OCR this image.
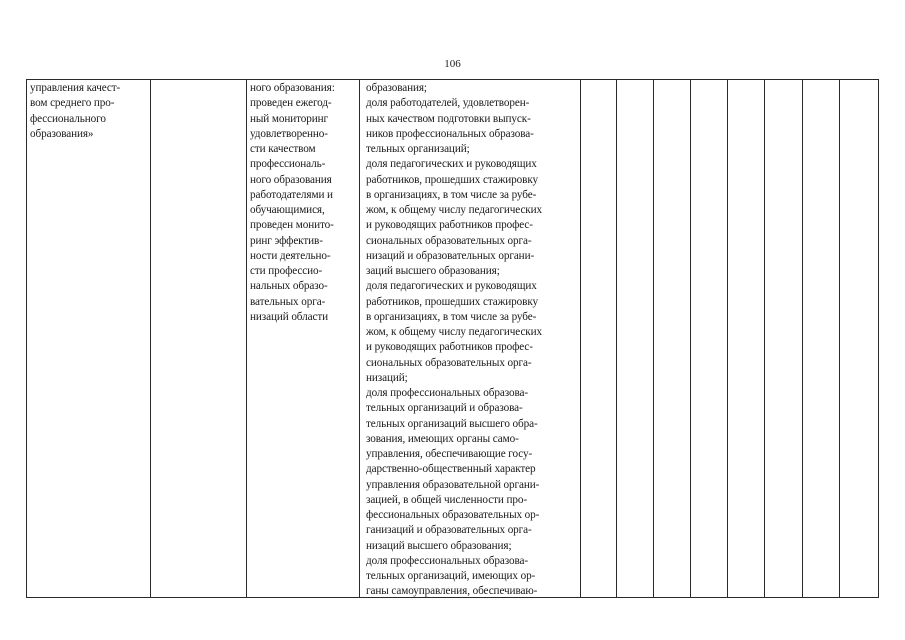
106
управления качест-
вом среднего про-
фессионального
образования»
ного образования:
проведен ежегод-
ный мониторинг
удовлетворенно-
сти качеством
профессиональ-
ного образования
работодателями и
обучающимися,
проведен монито-
ринг эффектив-
ности деятельно-
сти профессио-
нальных образо-
вательных орга-
низаций области
образования;
доля работодателей, удовлетворен-
ных качеством подготовки выпуск-
ников профессиональных образова-
тельных организаций;
доля педагогических и руководящих
работников, прошедших стажировку
в организациях, в том числе за рубе-
жом, к общему числу педагогических
и руководящих работников профес-
сиональных образовательных орга-
низаций и образовательных органи-
заций высшего образования;
доля педагогических и руководящих
работников, прошедших стажировку
в организациях, в том числе за рубе-
жом, к общему числу педагогических
и руководящих работников профес-
сиональных образовательных орга-
низаций;
доля профессиональных образова-
тельных организаций и образова-
тельных организаций высшего обра-
зования, имеющих органы само-
управления, обеспечивающие госу-
дарственно-общественный характер
управления образовательной органи-
зацией, в общей численности про-
фессиональных образовательных ор-
ганизаций и образовательных орга-
низаций высшего образования;
доля профессиональных образова-
тельных организаций, имеющих ор-
ганы самоуправления, обеспечиваю-
